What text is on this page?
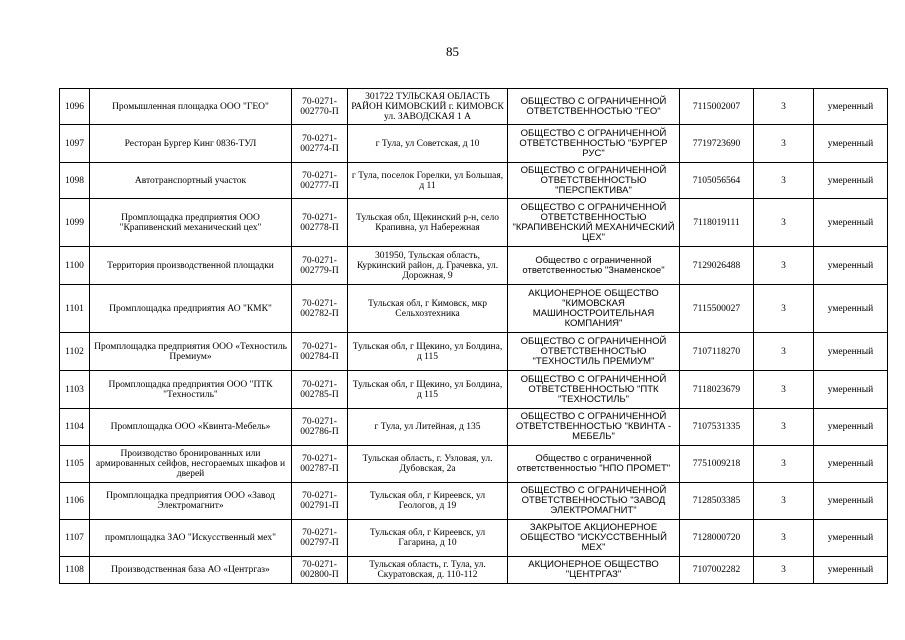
85
1096	Промышленная площадка ООО "ГЕО"	70-0271-002770-П	301722 ТУЛЬСКАЯ ОБЛАСТЬ РАЙОН КИМОВСКИЙ г. КИМОВСК ул. ЗАВОДСКАЯ 1 А	ОБЩЕСТВО С ОГРАНИЧЕННОЙ ОТВЕТСТВЕННОСТЬЮ "ГЕО"	7115002007	3	умеренный
1097	Ресторан Бургер Кинг 0836-ТУЛ	70-0271-002774-П	г Тула, ул Советская, д 10	ОБЩЕСТВО С ОГРАНИЧЕННОЙ ОТВЕТСТВЕННОСТЬЮ "БУРГЕР РУС"	7719723690	3	умеренный
1098	Автотранспортный участок	70-0271-002777-П	г Тула, поселок Горелки, ул Большая, д 11	ОБЩЕСТВО С ОГРАНИЧЕННОЙ ОТВЕТСТВЕННОСТЬЮ "ПЕРСПЕКТИВА"	7105056564	3	умеренный
1099	Промплощадка предприятия ООО "Крапивенский механический цех"	70-0271-002778-П	Тульская обл, Щекинский р-н, село Крапивна, ул Набережная	ОБЩЕСТВО С ОГРАНИЧЕННОЙ ОТВЕТСТВЕННОСТЬЮ "КРАПИВЕНСКИЙ МЕХАНИЧЕСКИЙ ЦЕХ"	7118019111	3	умеренный
1100	Территория производственной площадки	70-0271-002779-П	301950, Тульская область, Куркинский район, д. Грачевка, ул. Дорожная, 9	Общество с ограниченной ответственностью "Знаменское"	7129026488	3	умеренный
1101	Промплощадка предприятия АО "КМК"	70-0271-002782-П	Тульская обл, г Кимовск, мкр Сельхозтехника	АКЦИОНЕРНОЕ ОБЩЕСТВО "КИМОВСКАЯ МАШИНОСТРОИТЕЛЬНАЯ КОМПАНИЯ"	7115500027	3	умеренный
1102	Промплощадка предприятия ООО «Техностиль Премиум»	70-0271-002784-П	Тульская обл, г Щекино, ул Болдина, д 115	ОБЩЕСТВО С ОГРАНИЧЕННОЙ ОТВЕТСТВЕННОСТЬЮ "ТЕХНОСТИЛЬ ПРЕМИУМ"	7107118270	3	умеренный
1103	Промплощадка предприятия ООО "ПТК "Техностиль"	70-0271-002785-П	Тульская обл, г Щекино, ул Болдина, д 115	ОБЩЕСТВО С ОГРАНИЧЕННОЙ ОТВЕТСТВЕННОСТЬЮ "ПТК "ТЕХНОСТИЛЬ"	7118023679	3	умеренный
1104	Промплощадка ООО «Квинта-Мебель»	70-0271-002786-П	г Тула, ул Литейная, д 135	ОБЩЕСТВО С ОГРАНИЧЕННОЙ ОТВЕТСТВЕННОСТЬЮ "КВИНТА - МЕБЕЛЬ"	7107531335	3	умеренный
1105	Производство бронированных или армированных сейфов, несгораемых шкафов и дверей	70-0271-002787-П	Тульская область, г. Узловая, ул. Дубовская, 2а	Общество с ограниченной ответственностью "НПО ПРОМЕТ"	7751009218	3	умеренный
1106	Промплощадка предприятия ООО «Завод Электромагнит»	70-0271-002791-П	Тульская обл, г Киреевск, ул Геологов, д 19	ОБЩЕСТВО С ОГРАНИЧЕННОЙ ОТВЕТСТВЕННОСТЬЮ "ЗАВОД ЭЛЕКТРОМАГНИТ"	7128503385	3	умеренный
1107	промплощадка ЗАО "Искусственный мех"	70-0271-002797-П	Тульская обл, г Киреевск, ул Гагарина, д 10	ЗАКРЫТОЕ АКЦИОНЕРНОЕ ОБЩЕСТВО "ИСКУССТВЕННЫЙ МЕХ"	7128000720	3	умеренный
1108	Производственная база АО «Центргаз»	70-0271-002800-П	Тульская область, г. Тула, ул. Скуратовская, д. 110-112	АКЦИОНЕРНОЕ ОБЩЕСТВО "ЦЕНТРГАЗ"	7107002282	3	умеренный
